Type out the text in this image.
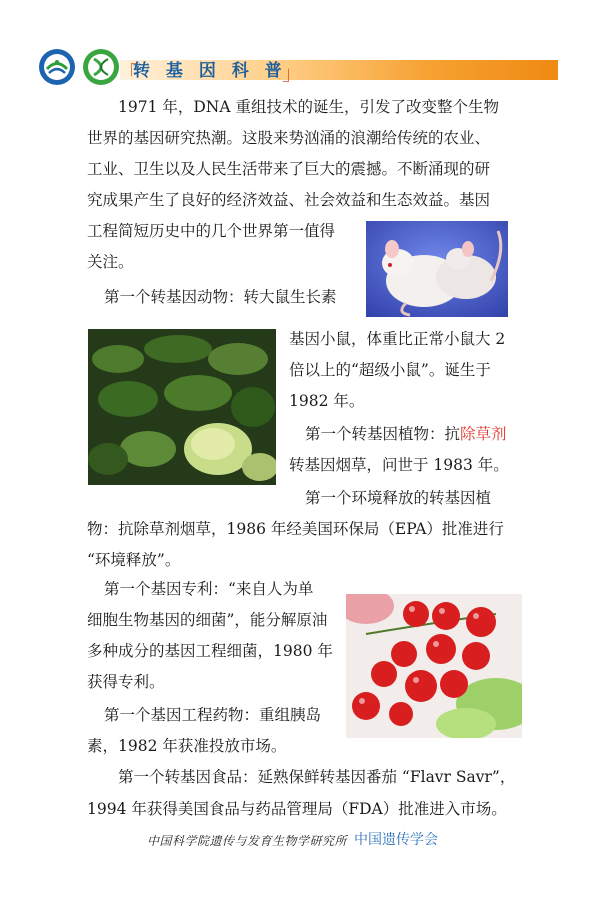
「
转 基 因 科 普
」
1971 年，DNA 重组技术的诞生，引发了改变整个生物
世界的基因研究热潮。这股来势汹涌的浪潮给传统的农业、
工业、卫生以及人民生活带来了巨大的震撼。不断涌现的研
究成果产生了良好的经济效益、社会效益和生态效益。基因
工程简短历史中的几个世界第一值得
关注。
第一个转基因动物：转大鼠生长素
基因小鼠，体重比正常小鼠大 2
倍以上的“超级小鼠”。诞生于
1982 年。
第一个转基因植物：抗除草剂
转基因烟草，问世于 1983 年。
第一个环境释放的转基因植
物：抗除草剂烟草，1986 年经美国环保局（EPA）批准进行
“环境释放”。
第一个基因专利：“来自人为单
细胞生物基因的细菌”，能分解原油
多种成分的基因工程细菌，1980 年
获得专利。
第一个基因工程药物：重组胰岛
素，1982 年获准投放市场。
第一个转基因食品：延熟保鲜转基因番茄 “Flavr Savr”，
1994 年获得美国食品与药品管理局（FDA）批准进入市场。
中国科学院遗传与发育生物学研究所 中国遗传学会
